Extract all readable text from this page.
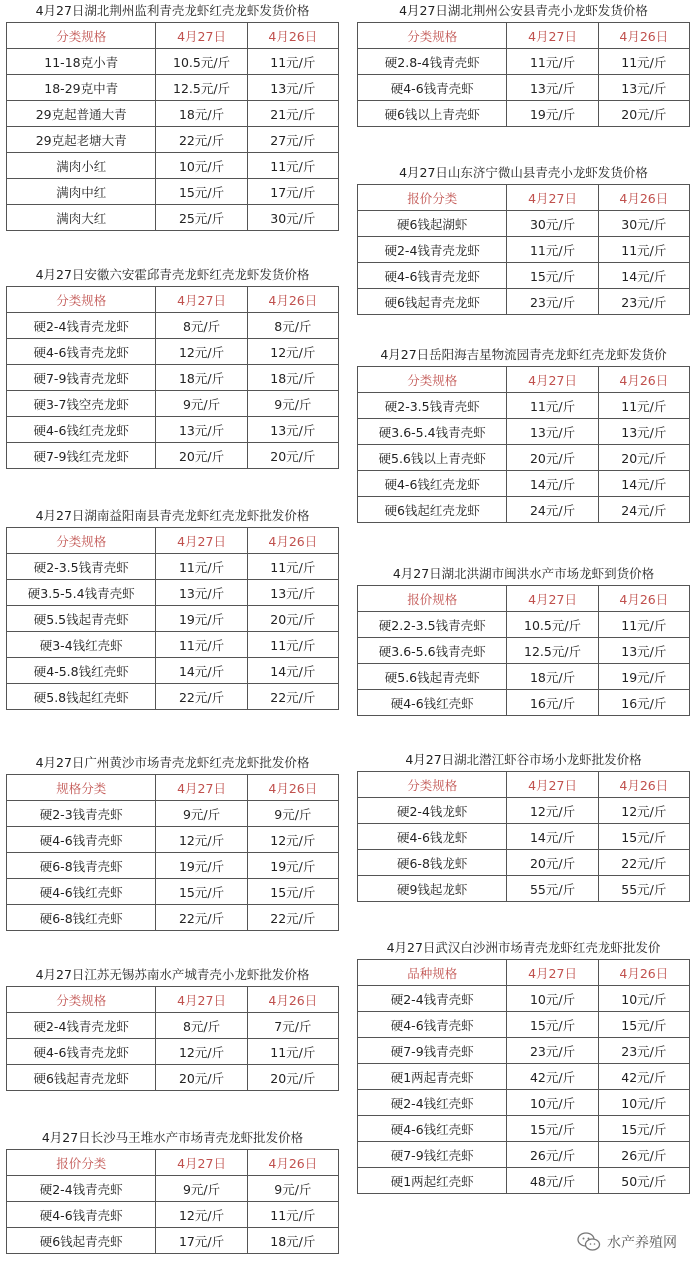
4月27日湖北荆州监利青壳龙虾红壳龙虾发货价格
分类规格	4月27日	4月26日
11-18克小青	10.5元/斤	11元/斤
18-29克中青	12.5元/斤	13元/斤
29克起普通大青	18元/斤	21元/斤
29克起老塘大青	22元/斤	27元/斤
满肉小红	10元/斤	11元/斤
满肉中红	15元/斤	17元/斤
满肉大红	25元/斤	30元/斤
4月27日安徽六安霍邱青壳龙虾红壳龙虾发货价格
分类规格	4月27日	4月26日
硬2-4钱青壳龙虾	8元/斤	8元/斤
硬4-6钱青壳龙虾	12元/斤	12元/斤
硬7-9钱青壳龙虾	18元/斤	18元/斤
硬3-7钱空壳龙虾	9元/斤	9元/斤
硬4-6钱红壳龙虾	13元/斤	13元/斤
硬7-9钱红壳龙虾	20元/斤	20元/斤
4月27日湖南益阳南县青壳龙虾红壳龙虾批发价格
分类规格	4月27日	4月26日
硬2-3.5钱青壳虾	11元/斤	11元/斤
硬3.5-5.4钱青壳虾	13元/斤	13元/斤
硬5.5钱起青壳虾	19元/斤	20元/斤
硬3-4钱红壳虾	11元/斤	11元/斤
硬4-5.8钱红壳虾	14元/斤	14元/斤
硬5.8钱起红壳虾	22元/斤	22元/斤
4月27日广州黄沙市场青壳龙虾红壳龙虾批发价格
规格分类	4月27日	4月26日
硬2-3钱青壳虾	9元/斤	9元/斤
硬4-6钱青壳虾	12元/斤	12元/斤
硬6-8钱青壳虾	19元/斤	19元/斤
硬4-6钱红壳虾	15元/斤	15元/斤
硬6-8钱红壳虾	22元/斤	22元/斤
4月27日江苏无锡苏南水产城青壳小龙虾批发价格
分类规格	4月27日	4月26日
硬2-4钱青壳龙虾	8元/斤	7元/斤
硬4-6钱青壳龙虾	12元/斤	11元/斤
硬6钱起青壳龙虾	20元/斤	20元/斤
4月27日长沙马王堆水产市场青壳龙虾批发价格
报价分类	4月27日	4月26日
硬2-4钱青壳虾	9元/斤	9元/斤
硬4-6钱青壳虾	12元/斤	11元/斤
硬6钱起青壳虾	17元/斤	18元/斤
4月27日湖北荆州公安县青壳小龙虾发货价格
分类规格	4月27日	4月26日
硬2.8-4钱青壳虾	11元/斤	11元/斤
硬4-6钱青壳虾	13元/斤	13元/斤
硬6钱以上青壳虾	19元/斤	20元/斤
4月27日山东济宁微山县青壳小龙虾发货价格
报价分类	4月27日	4月26日
硬6钱起湖虾	30元/斤	30元/斤
硬2-4钱青壳龙虾	11元/斤	11元/斤
硬4-6钱青壳龙虾	15元/斤	14元/斤
硬6钱起青壳龙虾	23元/斤	23元/斤
4月27日岳阳海吉星物流园青壳龙虾红壳龙虾发货价
分类规格	4月27日	4月26日
硬2-3.5钱青壳虾	11元/斤	11元/斤
硬3.6-5.4钱青壳虾	13元/斤	13元/斤
硬5.6钱以上青壳虾	20元/斤	20元/斤
硬4-6钱红壳龙虾	14元/斤	14元/斤
硬6钱起红壳龙虾	24元/斤	24元/斤
4月27日湖北洪湖市闽洪水产市场龙虾到货价格
报价规格	4月27日	4月26日
硬2.2-3.5钱青壳虾	10.5元/斤	11元/斤
硬3.6-5.6钱青壳虾	12.5元/斤	13元/斤
硬5.6钱起青壳虾	18元/斤	19元/斤
硬4-6钱红壳虾	16元/斤	16元/斤
4月27日湖北潜江虾谷市场小龙虾批发价格
分类规格	4月27日	4月26日
硬2-4钱龙虾	12元/斤	12元/斤
硬4-6钱龙虾	14元/斤	15元/斤
硬6-8钱龙虾	20元/斤	22元/斤
硬9钱起龙虾	55元/斤	55元/斤
4月27日武汉白沙洲市场青壳龙虾红壳龙虾批发价
品种规格	4月27日	4月26日
硬2-4钱青壳虾	10元/斤	10元/斤
硬4-6钱青壳虾	15元/斤	15元/斤
硬7-9钱青壳虾	23元/斤	23元/斤
硬1两起青壳虾	42元/斤	42元/斤
硬2-4钱红壳虾	10元/斤	10元/斤
硬4-6钱红壳虾	15元/斤	15元/斤
硬7-9钱红壳虾	26元/斤	26元/斤
硬1两起红壳虾	48元/斤	50元/斤
水产养殖网
